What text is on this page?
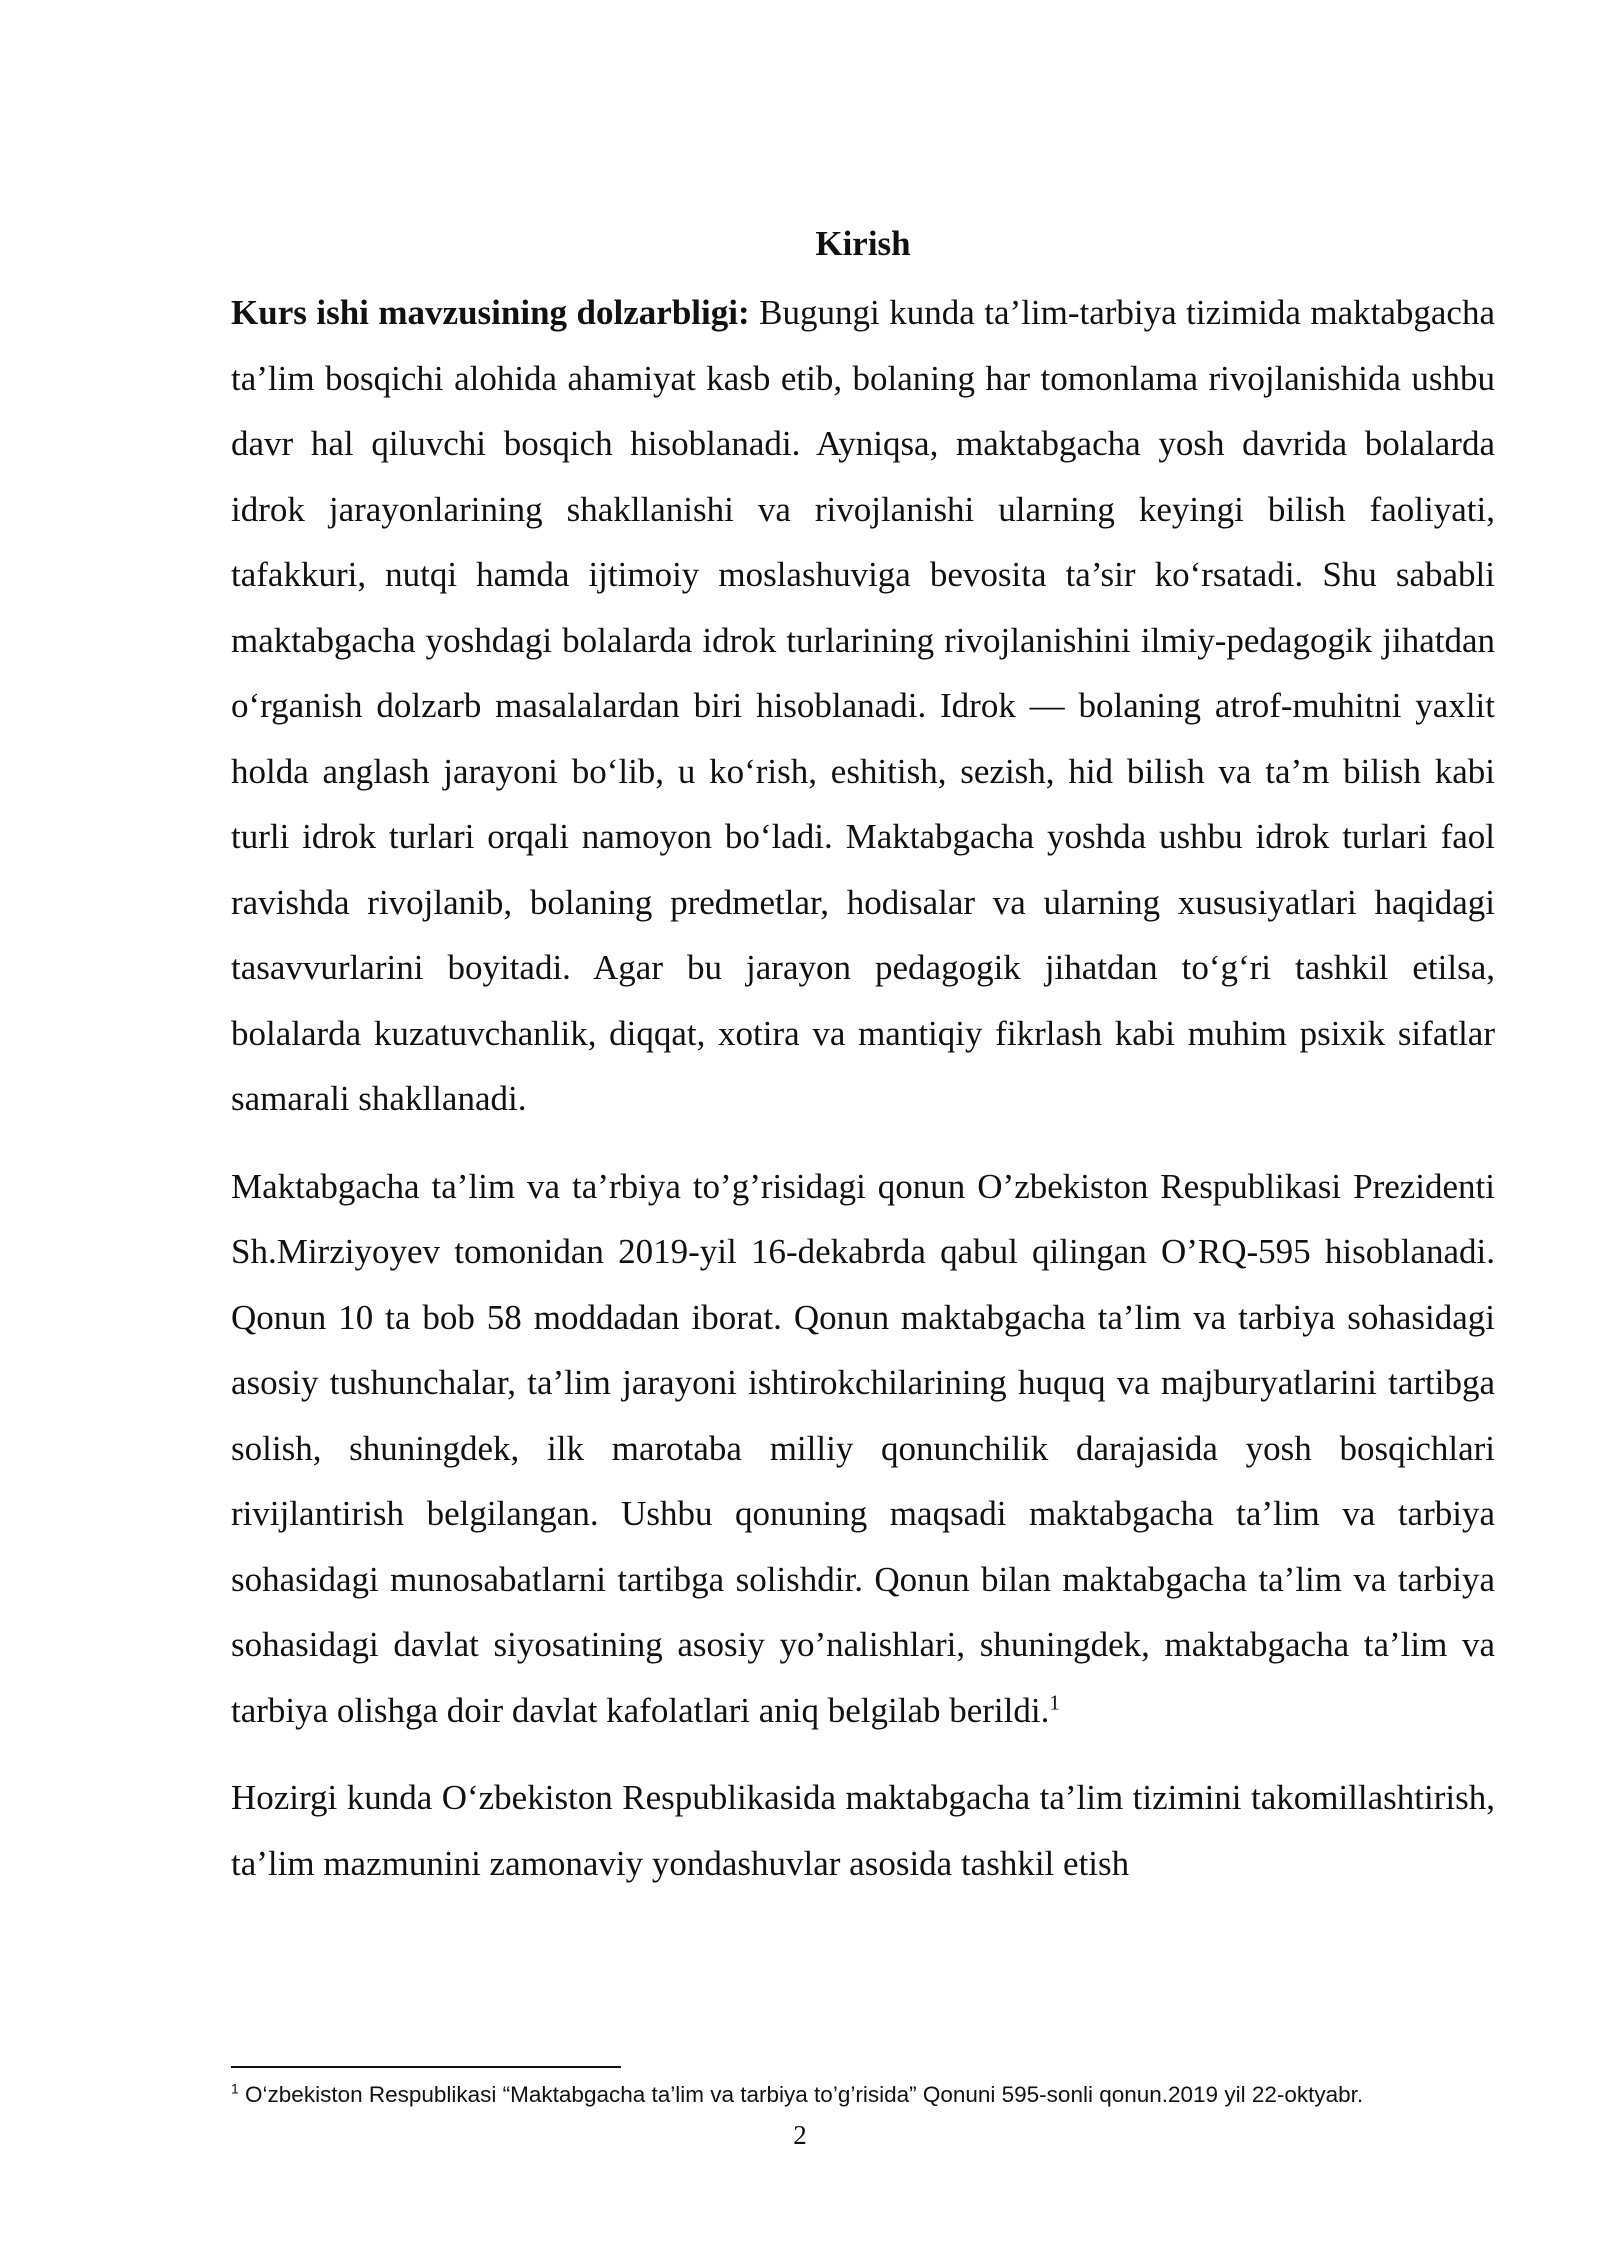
Kirish

Kurs ishi mavzusining dolzarbligi: Bugungi kunda ta’lim-tarbiya tizimida maktabgacha ta’lim bosqichi alohida ahamiyat kasb etib, bolaning har tomonlama rivojlanishida ushbu davr hal qiluvchi bosqich hisoblanadi. Ayniqsa, maktabgacha yosh davrida bolalarda idrok jarayonlarining shakllanishi va rivojlanishi ularning keyingi bilish faoliyati, tafakkuri, nutqi hamda ijtimoiy moslashuviga bevosita ta’sir ko‘rsatadi. Shu sababli maktabgacha yoshdagi bolalarda idrok turlarining rivojlanishini ilmiy-pedagogik jihatdan o‘rganish dolzarb masalalardan biri hisoblanadi. Idrok — bolaning atrof-muhitni yaxlit holda anglash jarayoni bo‘lib, u ko‘rish, eshitish, sezish, hid bilish va ta’m bilish kabi turli idrok turlari orqali namoyon bo‘ladi. Maktabgacha yoshda ushbu idrok turlari faol ravishda rivojlanib, bolaning predmetlar, hodisalar va ularning xususiyatlari haqidagi tasavvurlarini boyitadi. Agar bu jarayon pedagogik jihatdan to‘g‘ri tashkil etilsa, bolalarda kuzatuvchanlik, diqqat, xotira va mantiqiy fikrlash kabi muhim psixik sifatlar samarali shakllanadi.

Maktabgacha ta’lim va ta’rbiya to’g’risidagi qonun O’zbekiston Respublikasi Prezidenti Sh.Mirziyoyev tomonidan 2019-yil 16-dekabrda qabul qilingan O’RQ-595 hisoblanadi. Qonun 10 ta bob 58 moddadan iborat. Qonun maktabgacha ta’lim va tarbiya sohasidagi asosiy tushunchalar, ta’lim jarayoni ishtirokchilarining huquq va majburyatlarini tartibga solish, shuningdek, ilk marotaba milliy qonunchilik darajasida yosh bosqichlari rivijlantirish belgilangan. Ushbu qonuning maqsadi maktabgacha ta’lim va tarbiya sohasidagi munosabatlarni tartibga solishdir. Qonun bilan maktabgacha ta’lim va tarbiya sohasidagi davlat siyosatining asosiy yo’nalishlari, shuningdek, maktabgacha ta’lim va tarbiya olishga doir davlat kafolatlari aniq belgilab berildi.$^1$

Hozirgi kunda O‘zbekiston Respublikasida maktabgacha ta’lim tizimini takomillashtirish, ta’lim mazmunini zamonaviy yondashuvlar asosida tashkil etish

$^1$ O‘zbekiston Respublikasi “Maktabgacha ta’lim va tarbiya to’g’risida” Qonuni 595-sonli qonun.2019 yil 22-oktyabr.
2
